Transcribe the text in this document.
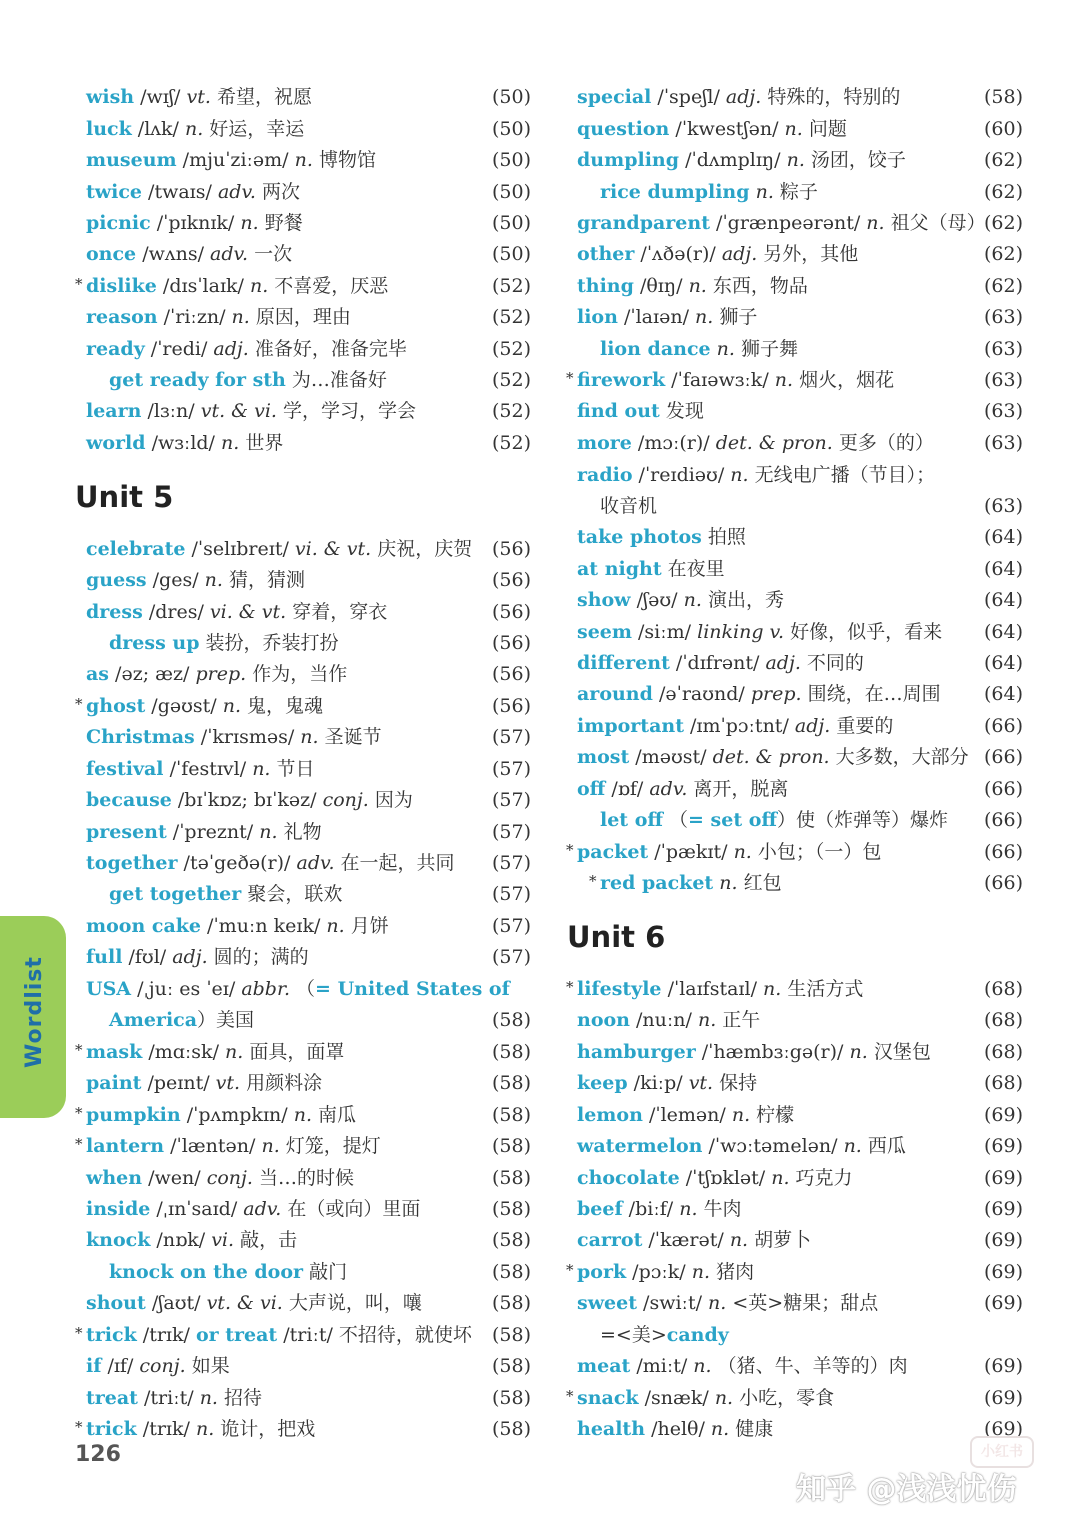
wish /wɪʃ/ vt. 希望，祝愿	(50)
luck /lʌk/ n. 好运，幸运	(50)
museum /mjuˈziːəm/ n. 博物馆	(50)
twice /twaɪs/ adv. 两次	(50)
picnic /ˈpɪknɪk/ n. 野餐	(50)
once /wʌns/ adv. 一次	(50)
* dislike /dɪsˈlaɪk/ n. 不喜爱，厌恶	(52)
reason /ˈriːzn/ n. 原因，理由	(52)
ready /ˈredi/ adj. 准备好，准备完毕	(52)
get ready for sth 为…准备好	(52)
learn /lɜːn/ vt. & vi. 学，学习，学会	(52)
world /wɜːld/ n. 世界	(52)
celebrate /ˈselɪbreɪt/ vi. & vt. 庆祝，庆贺 (56)
guess /ges/ n. 猜，猜测	(56)
dress /dres/ vi. & vt. 穿着，穿衣	(56)
dress up 装扮，乔装打扮	(56)
as /əz; æz/ prep. 作为，当作	(56)
* ghost /gəʊst/ n. 鬼，鬼魂	(56)
Christmas /ˈkrɪsməs/ n. 圣诞节	(57)
festival /ˈfestɪvl/ n. 节日	(57)
because /bɪˈkɒz; bɪˈkəz/ conj. 因为	(57)
present /ˈpreznt/ n. 礼物	(57)
together /təˈgeðə(r)/ adv. 在一起，共同 (57)
get together 聚会，联欢	(57)
moon cake /ˈmuːn keɪk/ n. 月饼	(57)
full /fʊl/ adj. 圆的；满的	(57)
USA /ˌjuː es ˈeɪ/ abbr. （= United States of
America）美国	(58)
* mask /mɑːsk/ n. 面具，面罩	(58)
paint /peɪnt/ vt. 用颜料涂	(58)
* pumpkin /ˈpʌmpkɪn/ n. 南瓜	(58)
* lantern /ˈlæntən/ n. 灯笼，提灯	(58)
when /wen/ conj. 当…的时候	(58)
inside /ˌɪnˈsaɪd/ adv. 在（或向）里面	(58)
knock /nɒk/ vi. 敲，击	(58)
knock on the door 敲门	(58)
shout /ʃaʊt/ vt. & vi. 大声说，叫，嚷	(58)
* trick /trɪk/ or treat /triːt/ 不招待，就使坏 (58)
if /ɪf/ conj. 如果	(58)
treat /triːt/ n. 招待	(58)
* trick /trɪk/ n. 诡计，把戏	(58)
special /ˈspeʃl/ adj. 特殊的，特别的	(58)
question /ˈkwestʃən/ n. 问题	(60)
dumpling /ˈdʌmplɪŋ/ n. 汤团，饺子	(62)
rice dumpling n. 粽子	(62)
grandparent /ˈgrænpeərənt/ n. 祖父（母）
(62)
other /ˈʌðə(r)/ adj. 另外，其他	(62)
thing /θɪŋ/ n. 东西，物品	(62)
lion /ˈlaɪən/ n. 狮子	(63)
lion dance n. 狮子舞	(63)
* firework /ˈfaɪəwɜːk/ n. 烟火，烟花	(63)
find out 发现	(63)
more /mɔː(r)/ det. & pron. 更多（的）	(63)
radio /ˈreɪdiəʊ/ n. 无线电广播（节目）；
收音机	(63)
take photos 拍照	(64)
at night 在夜里	(64)
show /ʃəʊ/ n. 演出，秀	(64)
seem /siːm/ linking v. 好像，似乎，看来 (64)
different /ˈdɪfrənt/ adj. 不同的	(64)
around /əˈraʊnd/ prep. 围绕，在…周围 (64)
important /ɪmˈpɔːtnt/ adj. 重要的	(66)
most /məʊst/ det. & pron. 大多数，大部分 (66)
off /ɒf/ adv. 离开，脱离	(66)
let off （= set off）使（炸弹等）爆炸 (66)
* packet /ˈpækɪt/ n. 小包；（一）包	(66)
* red packet n. 红包	(66)
* lifestyle /ˈlaɪfstaɪl/ n. 生活方式	(68)
noon /nuːn/ n. 正午	(68)
hamburger /ˈhæmbɜːgə(r)/ n. 汉堡包	(68)
keep /kiːp/ vt. 保持	(68)
lemon /ˈlemən/ n. 柠檬	(69)
watermelon /ˈwɔːtəmelən/ n. 西瓜	(69)
chocolate /ˈtʃɒklət/ n. 巧克力	(69)
beef /biːf/ n. 牛肉	(69)
carrot /ˈkærət/ n. 胡萝卜	(69)
* pork /pɔːk/ n. 猪肉	(69)
sweet /swiːt/ n. <英>糖果；甜点	(69)
=<美>candy
meat /miːt/ n. （猪、牛、羊等的）肉	(69)
* snack /snæk/ n. 小吃，零食	(69)
health /helθ/ n. 健康	(69)
Unit 5
Unit 6
Wordlist
126	小红书
知乎 @浅浅忧伤
